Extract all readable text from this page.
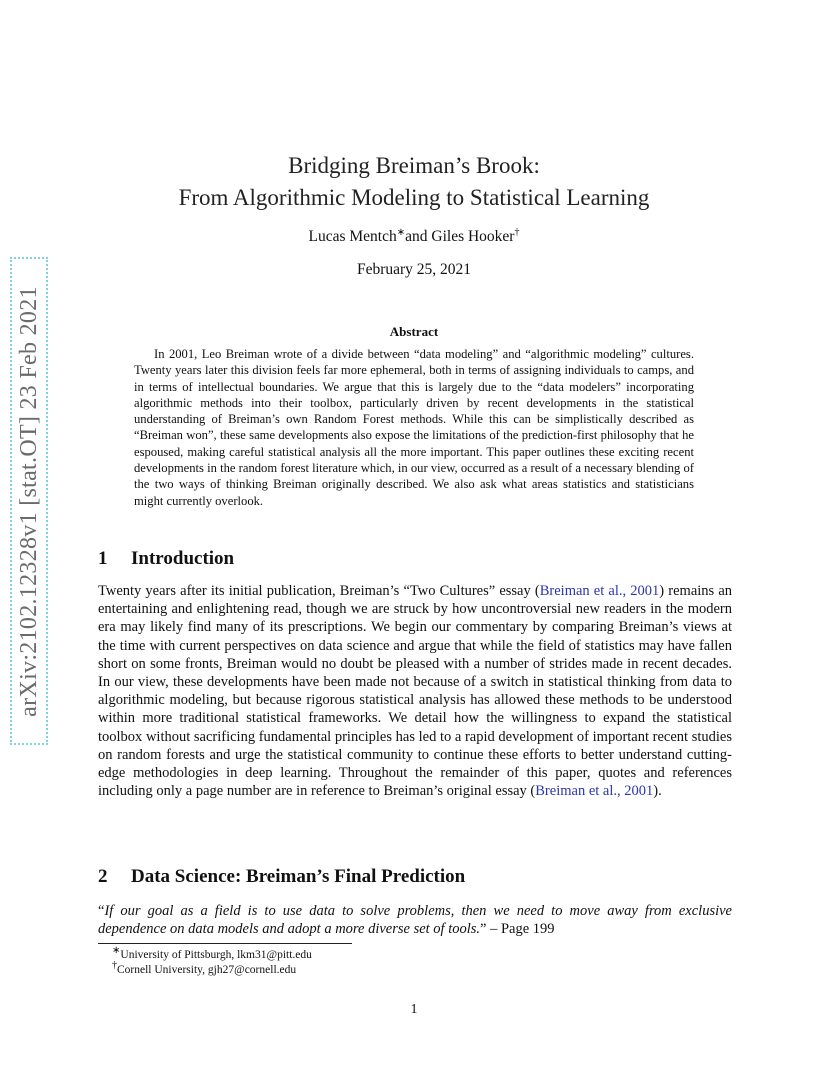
arXiv:2102.12328v1 [stat.OT] 23 Feb 2021
Bridging Breiman’s Brook:
From Algorithmic Modeling to Statistical Learning
Lucas Mentch∗and Giles Hooker†
February 25, 2021
Abstract

In 2001, Leo Breiman wrote of a divide between “data modeling” and “algorithmic modeling” cultures. Twenty years later this division feels far more ephemeral, both in terms of assigning individuals to camps, and in terms of intellectual boundaries. We argue that this is largely due to the “data modelers” incorporating algorithmic methods into their toolbox, particularly driven by recent developments in the statistical understanding of Breiman’s own Random Forest methods. While this can be simplistically described as “Breiman won”, these same developments also expose the limitations of the prediction-first philosophy that he espoused, making careful statistical analysis all the more important. This paper outlines these exciting recent developments in the random forest literature which, in our view, occurred as a result of a necessary blending of the two ways of thinking Breiman originally described. We also ask what areas statistics and statisticians might currently overlook.

1 Introduction

Twenty years after its initial publication, Breiman’s “Two Cultures” essay (Breiman et al., 2001) remains an entertaining and enlightening read, though we are struck by how uncontroversial new readers in the modern era may likely find many of its prescriptions. We begin our commentary by comparing Breiman’s views at the time with current perspectives on data science and argue that while the field of statistics may have fallen short on some fronts, Breiman would no doubt be pleased with a number of strides made in recent decades. In our view, these developments have been made not because of a switch in statistical thinking from data to algorithmic modeling, but because rigorous statistical analysis has allowed these methods to be understood within more traditional statistical frameworks. We detail how the willingness to expand the statistical toolbox without sacrificing fundamental principles has led to a rapid development of important recent studies on random forests and urge the statistical community to continue these efforts to better understand cutting-edge methodologies in deep learning. Throughout the remainder of this paper, quotes and references including only a page number are in reference to Breiman’s original essay (Breiman et al., 2001).

2 Data Science: Breiman’s Final Prediction
“If our goal as a field is to use data to solve problems, then we need to move away from exclusive dependence on data models and adopt a more diverse set of tools.” – Page 199
∗University of Pittsburgh, lkm31@pitt.edu
†Cornell University, gjh27@cornell.edu
1
